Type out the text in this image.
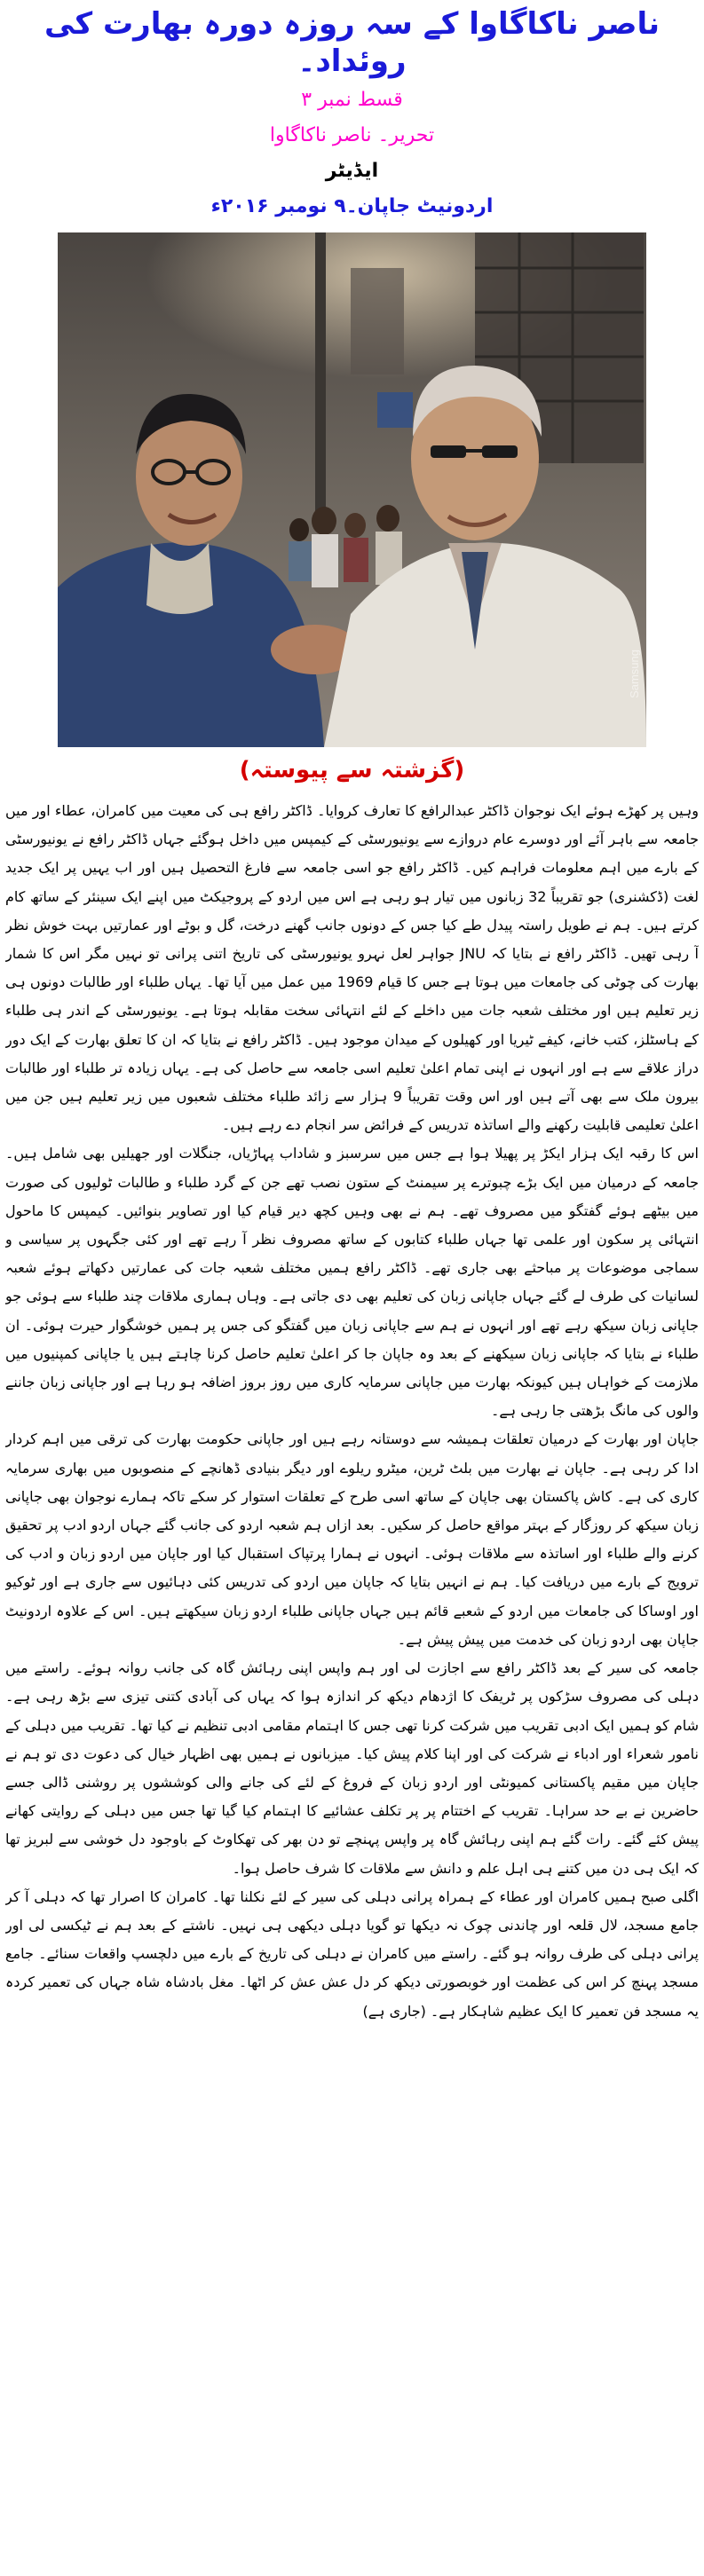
ناصر ناکاگاوا کے سہ روزہ دورہ بھارت کی روئداد۔
قسط نمبر ۳
تحریر۔ ناصر ناکاگاوا
ایڈیٹر
اردونیٹ جاپان۔۹ نومبر ۲۰۱۶ء
Samsung
(گزشتہ سے پیوستہ)

وہیں پر کھڑے ہوئے ایک نوجوان ڈاکٹر عبدالرافع کا تعارف کروایا۔ ڈاکٹر رافع ہی کی معیت میں کامران، عطاء اور میں جامعہ سے باہر آئے اور دوسرے عام دروازے سے یونیورسٹی کے کیمپس میں داخل ہوگئے جہاں ڈاکٹر رافع نے یونیورسٹی کے بارے میں اہم معلومات فراہم کیں۔ ڈاکٹر رافع جو اسی جامعہ سے فارغ التحصیل ہیں اور اب یہیں پر ایک جدید لغت (ڈکشنری) جو تقریباً 32 زبانوں میں تیار ہو رہی ہے اس میں اردو کے پروجیکٹ میں اپنے ایک سینئر کے ساتھ کام کرتے ہیں۔ ہم نے طویل راستہ پیدل طے کیا جس کے دونوں جانب گھنے درخت، گل و بوٹے اور عمارتیں بہت خوش نظر آ رہی تھیں۔ ڈاکٹر رافع نے بتایا کہ JNU جواہر لعل نہرو یونیورسٹی کی تاریخ اتنی پرانی تو نہیں مگر اس کا شمار بھارت کی چوٹی کی جامعات میں ہوتا ہے جس کا قیام 1969 میں عمل میں آیا تھا۔ یہاں طلباء اور طالبات دونوں ہی زیر تعلیم ہیں اور مختلف شعبہ جات میں داخلے کے لئے انتہائی سخت مقابلہ ہوتا ہے۔ یونیورسٹی کے اندر ہی طلباء کے ہاسٹلز، کتب خانے، کیفے ٹیریا اور کھیلوں کے میدان موجود ہیں۔ ڈاکٹر رافع نے بتایا کہ ان کا تعلق بھارت کے ایک دور دراز علاقے سے ہے اور انہوں نے اپنی تمام اعلیٰ تعلیم اسی جامعہ سے حاصل کی ہے۔ یہاں زیادہ تر طلباء اور طالبات بیرون ملک سے بھی آتے ہیں اور اس وقت تقریباً 9 ہزار سے زائد طلباء مختلف شعبوں میں زیر تعلیم ہیں جن میں اعلیٰ تعلیمی قابلیت رکھنے والے اساتذہ تدریس کے فرائض سر انجام دے رہے ہیں۔

اس کا رقبہ ایک ہزار ایکڑ پر پھیلا ہوا ہے جس میں سرسبز و شاداب پہاڑیاں، جنگلات اور جھیلیں بھی شامل ہیں۔ جامعہ کے درمیان میں ایک بڑے چبوترے پر سیمنٹ کے ستون نصب تھے جن کے گرد طلباء و طالبات ٹولیوں کی صورت میں بیٹھے ہوئے گفتگو میں مصروف تھے۔ ہم نے بھی وہیں کچھ دیر قیام کیا اور تصاویر بنوائیں۔ کیمپس کا ماحول انتہائی پر سکون اور علمی تھا جہاں طلباء کتابوں کے ساتھ مصروف نظر آ رہے تھے اور کئی جگہوں پر سیاسی و سماجی موضوعات پر مباحثے بھی جاری تھے۔ ڈاکٹر رافع ہمیں مختلف شعبہ جات کی عمارتیں دکھاتے ہوئے شعبہ لسانیات کی طرف لے گئے جہاں جاپانی زبان کی تعلیم بھی دی جاتی ہے۔ وہاں ہماری ملاقات چند طلباء سے ہوئی جو جاپانی زبان سیکھ رہے تھے اور انہوں نے ہم سے جاپانی زبان میں گفتگو کی جس پر ہمیں خوشگوار حیرت ہوئی۔ ان طلباء نے بتایا کہ جاپانی زبان سیکھنے کے بعد وہ جاپان جا کر اعلیٰ تعلیم حاصل کرنا چاہتے ہیں یا جاپانی کمپنیوں میں ملازمت کے خواہاں ہیں کیونکہ بھارت میں جاپانی سرمایہ کاری میں روز بروز اضافہ ہو رہا ہے اور جاپانی زبان جاننے والوں کی مانگ بڑھتی جا رہی ہے۔

جاپان اور بھارت کے درمیان تعلقات ہمیشہ سے دوستانہ رہے ہیں اور جاپانی حکومت بھارت کی ترقی میں اہم کردار ادا کر رہی ہے۔ جاپان نے بھارت میں بلٹ ٹرین، میٹرو ریلوے اور دیگر بنیادی ڈھانچے کے منصوبوں میں بھاری سرمایہ کاری کی ہے۔ کاش پاکستان بھی جاپان کے ساتھ اسی طرح کے تعلقات استوار کر سکے تاکہ ہمارے نوجوان بھی جاپانی زبان سیکھ کر روزگار کے بہتر مواقع حاصل کر سکیں۔ بعد ازاں ہم شعبہ اردو کی جانب گئے جہاں اردو ادب پر تحقیق کرنے والے طلباء اور اساتذہ سے ملاقات ہوئی۔ انہوں نے ہمارا پرتپاک استقبال کیا اور جاپان میں اردو زبان و ادب کی ترویج کے بارے میں دریافت کیا۔ ہم نے انہیں بتایا کہ جاپان میں اردو کی تدریس کئی دہائیوں سے جاری ہے اور ٹوکیو اور اوساکا کی جامعات میں اردو کے شعبے قائم ہیں جہاں جاپانی طلباء اردو زبان سیکھتے ہیں۔ اس کے علاوہ اردونیٹ جاپان بھی اردو زبان کی خدمت میں پیش پیش ہے۔

جامعہ کی سیر کے بعد ڈاکٹر رافع سے اجازت لی اور ہم واپس اپنی رہائش گاہ کی جانب روانہ ہوئے۔ راستے میں دہلی کی مصروف سڑکوں پر ٹریفک کا اژدھام دیکھ کر اندازہ ہوا کہ یہاں کی آبادی کتنی تیزی سے بڑھ رہی ہے۔ شام کو ہمیں ایک ادبی تقریب میں شرکت کرنا تھی جس کا اہتمام مقامی ادبی تنظیم نے کیا تھا۔ تقریب میں دہلی کے نامور شعراء اور ادباء نے شرکت کی اور اپنا کلام پیش کیا۔ میزبانوں نے ہمیں بھی اظہار خیال کی دعوت دی تو ہم نے جاپان میں مقیم پاکستانی کمیونٹی اور اردو زبان کے فروغ کے لئے کی جانے والی کوششوں پر روشنی ڈالی جسے حاضرین نے بے حد سراہا۔ تقریب کے اختتام پر پر تکلف عشائیے کا اہتمام کیا گیا تھا جس میں دہلی کے روایتی کھانے پیش کئے گئے۔ رات گئے ہم اپنی رہائش گاہ پر واپس پہنچے تو دن بھر کی تھکاوٹ کے باوجود دل خوشی سے لبریز تھا کہ ایک ہی دن میں کتنے ہی اہل علم و دانش سے ملاقات کا شرف حاصل ہوا۔

اگلی صبح ہمیں کامران اور عطاء کے ہمراہ پرانی دہلی کی سیر کے لئے نکلنا تھا۔ کامران کا اصرار تھا کہ دہلی آ کر جامع مسجد، لال قلعہ اور چاندنی چوک نہ دیکھا تو گویا دہلی دیکھی ہی نہیں۔ ناشتے کے بعد ہم نے ٹیکسی لی اور پرانی دہلی کی طرف روانہ ہو گئے۔ راستے میں کامران نے دہلی کی تاریخ کے بارے میں دلچسپ واقعات سنائے۔ جامع مسجد پہنچ کر اس کی عظمت اور خوبصورتی دیکھ کر دل عش عش کر اٹھا۔ مغل بادشاہ شاہ جہاں کی تعمیر کردہ یہ مسجد فن تعمیر کا ایک عظیم شاہکار ہے۔ (جاری ہے)
